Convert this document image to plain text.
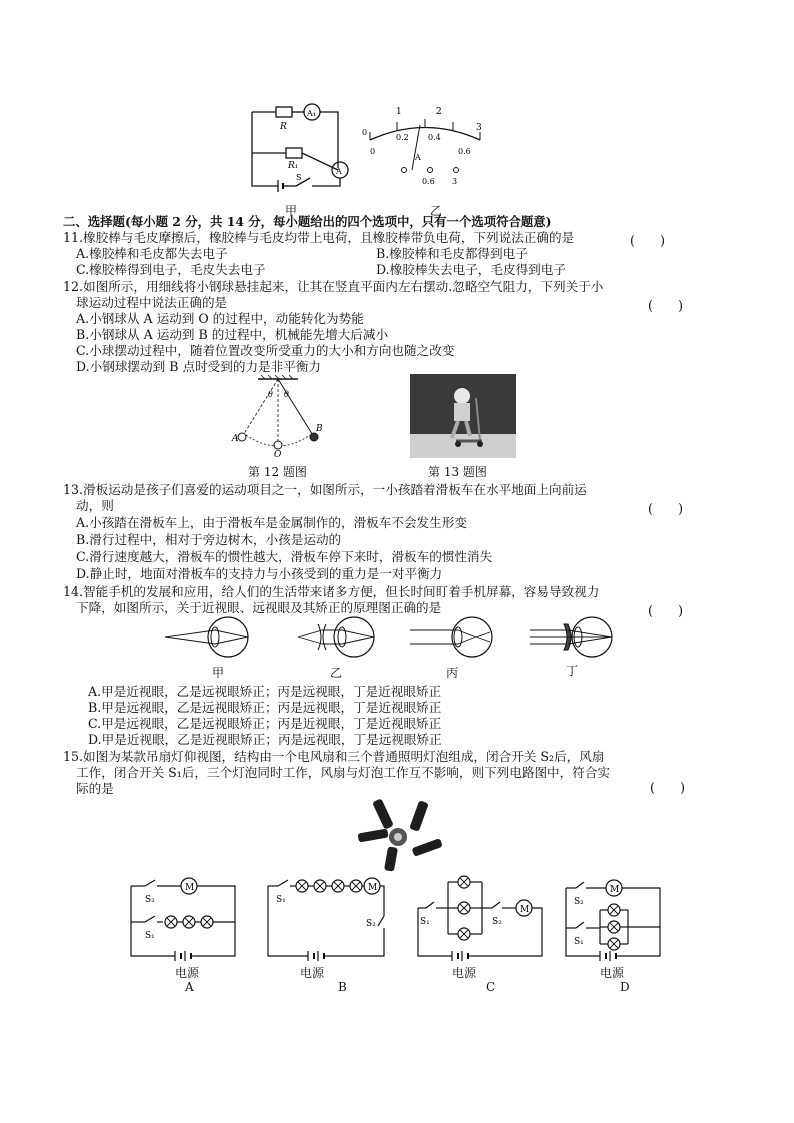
R
R₁
A₁
A
S
甲
1	2
3
0
0
0.2 0.4
0.6
A
0.6 3
乙
二、选择题(每小题 2 分，共 14 分，每小题给出的四个选项中，只有一个选项符合题意)
11.橡胶棒与毛皮摩擦后，橡胶棒与毛皮均带上电荷，且橡胶棒带负电荷，下列说法正确的是	(　　)
A.橡胶棒和毛皮都失去电子	B.橡胶棒和毛皮都得到电子
C.橡胶棒得到电子，毛皮失去电子	D.橡胶棒失去电子，毛皮得到电子
12.如图所示，用细线将小钢球悬挂起来，让其在竖直平面内左右摆动.忽略空气阻力，下列关于小
球运动过程中说法正确的是	(　　)
A.小钢球从 A 运动到 O 的过程中，动能转化为势能
B.小钢球从 A 运动到 B 的过程中，机械能先增大后减小
C.小球摆动过程中，随着位置改变所受重力的大小和方向也随之改变
D.小钢球摆动到 B 点时受到的力是非平衡力
θ θ
A
O
B
第 12 题图	第 13 题图
13.滑板运动是孩子们喜爱的运动项目之一，如图所示，一小孩踏着滑板车在水平地面上向前运
动，则	(　　)
A.小孩踏在滑板车上，由于滑板车是金属制作的，滑板车不会发生形变
B.滑行过程中，相对于旁边树木，小孩是运动的
C.滑行速度越大，滑板车的惯性越大，滑板车停下来时，滑板车的惯性消失
D.静止时，地面对滑板车的支持力与小孩受到的重力是一对平衡力
14.智能手机的发展和应用，给人们的生活带来诸多方便，但长时间盯着手机屏幕，容易导致视力
下降，如图所示，关于近视眼、远视眼及其矫正的原理图正确的是	(　　)
甲	乙	丙	丁
A.甲是近视眼，乙是远视眼矫正；丙是远视眼，丁是近视眼矫正
B.甲是远视眼，乙是远视眼矫正；丙是远视眼，丁是近视眼矫正
C.甲是远视眼，乙是远视眼矫正；丙是近视眼，丁是近视眼矫正
D.甲是近视眼，乙是近视眼矫正；丙是远视眼，丁是远视眼矫正
15.如图为某款吊扇灯仰视图，结构由一个电风扇和三个普通照明灯泡组成，闭合开关 S₂后，风扇
工作，闭合开关 S₁后，三个灯泡同时工作，风扇与灯泡工作互不影响，则下列电路图中，符合实
际的是	(　　)
M
S₂
S₁
电源
A
M
S₁
S₂
电源
B
M
S₁	S₂
电源
C
M
S₂
S₁
电源
D
